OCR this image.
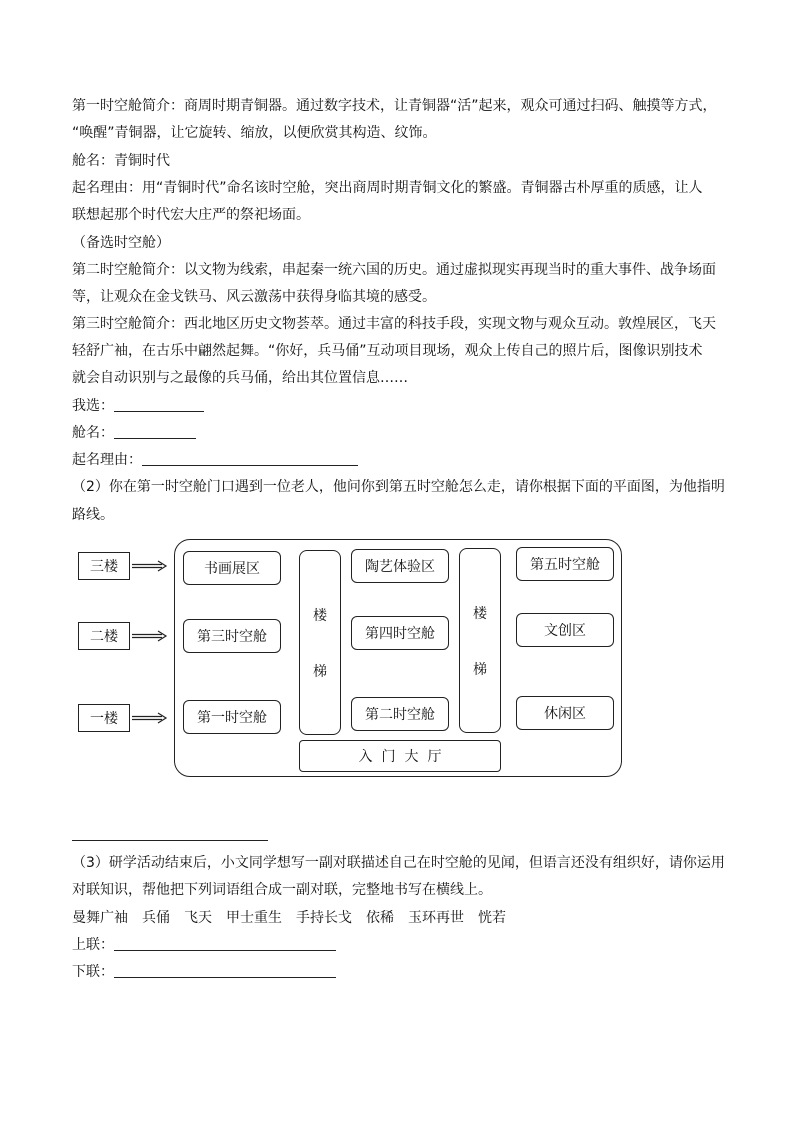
第一时空舱简介：商周时期青铜器。通过数字技术，让青铜器“活”起来，观众可通过扫码、触摸等方式，
“唤醒”青铜器，让它旋转、缩放，以便欣赏其构造、纹饰。
舱名：青铜时代
起名理由：用“青铜时代”命名该时空舱，突出商周时期青铜文化的繁盛。青铜器古朴厚重的质感，让人
联想起那个时代宏大庄严的祭祀场面。
（备选时空舱）
第二时空舱简介：以文物为线索，串起秦一统六国的历史。通过虚拟现实再现当时的重大事件、战争场面
等，让观众在金戈铁马、风云激荡中获得身临其境的感受。
第三时空舱简介：西北地区历史文物荟萃。通过丰富的科技手段，实现文物与观众互动。敦煌展区，飞天
轻舒广袖，在古乐中翩然起舞。“你好，兵马俑”互动项目现场，观众上传自己的照片后，图像识别技术
就会自动识别与之最像的兵马俑，给出其位置信息……
我选：
舱名：
起名理由：
（2）你在第一时空舱门口遇到一位老人，他问你到第五时空舱怎么走，请你根据下面的平面图，为他指明
路线。
三楼
二楼
一楼
书画展区
第三时空舱
第一时空舱
楼
梯
陶艺体验区
第四时空舱
第二时空舱
楼
梯
第五时空舱
文创区
休闲区
入门大厅
（3）研学活动结束后，小文同学想写一副对联描述自己在时空舱的见闻，但语言还没有组织好，请你运用
对联知识，帮他把下列词语组合成一副对联，完整地书写在横线上。
曼舞广袖 兵俑 飞天 甲士重生 手持长戈 依稀 玉环再世 恍若
上联：
下联：
